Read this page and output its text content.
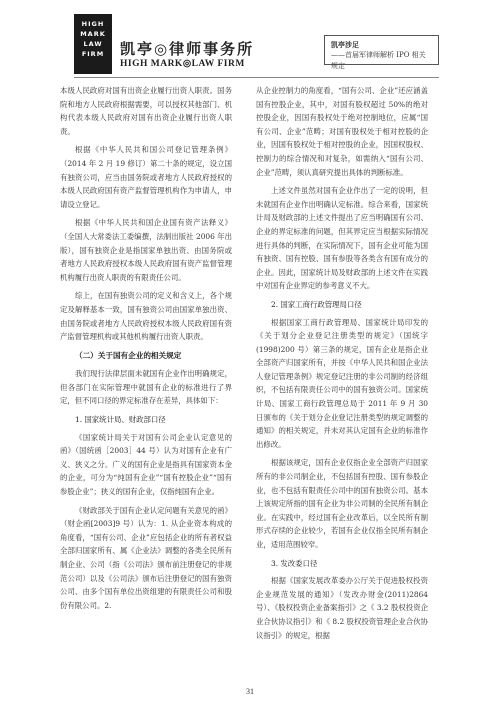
HIGH
MARK
LAW
FIRM	凯亭◎律师事务所
HIGH MARK◎LAW FIRM
凯亭涉足
——首届军律师解析 IPO 相关规定

本级人民政府对国有出资企业履行出资人职责。国务院和地方人民政府根据需要，可以授权其他部门、机构代表本级人民政府对国有出资企业履行出资人职责。

根据《中华人民共和国公司登记管理条例》（2014 年 2 月 19 修订）第二十条的规定，设立国有独资公司，应当由国务院或者地方人民政府授权的本级人民政府国有资产监督管理机构作为申请人，申请设立登记。

根据《中华人民共和国企业国有资产法释义》（全国人大常委法工委编撰，法制出版社 2006 年出版），国有独资企业是指国家单独出资、由国务院或者地方人民政府授权本级人民政府国有资产监督管理机构履行出资人职责的有限责任公司。

综上，在国有独资公司的定义和含义上，各个规定及解释基本一致，国有独资公司由国家单独出资、由国务院或者地方人民政府授权本级人民政府国有资产监督管理机构或其他机构履行出资人职责。

（二）关于国有企业的相关规定

我们现行法律层面未就国有企业作出明确规定，但各部门在实际管理中就国有企业的标准进行了界定，但不同口径的界定标准存在差异，具体如下：

1. 国家统计局、财政部口径

《国家统计局关于对国有公司企业认定意见的函》（国统函［2003］44 号）认为对国有企业有广义、狭义之分。广义的国有企业是指具有国家资本金的企业，可分为“纯国有企业”“国有控股企业”“国有参股企业”；狭义的国有企业，仅指纯国有企业。

《财政部关于国有企业认定问题有关意见的函》（财企函[2003]9 号）认为：1. 从企业资本构成的角度看，“国有公司、企业”应包括企业的所有者权益全部归国家所有、属《企业法》调整的各类全民所有制企业、公司（指《公司法》颁布前注册登记的非规范公司）以及《公司法》颁布后注册登记的国有独资公司、由多个国有单位出资组建的有限责任公司和股份有限公司。2.

从企业控制力的角度看，“国有公司、企业”还应涵盖国有控股企业，其中，对国有股权超过 50%的绝对控股企业，因国有股权处于绝对控制地位，应属“国有公司、企业”范畴；对国有股权处于相对控股的企业，因国有股权处于相对控股的企业，因国权股权、控制力的综合情况和对复杂，如需纳入“国有公司、企业”范畴，须认真研究提出具体的判断标准。

上述文件虽然对国有企业作出了一定的说明，但未就国有企业作出明确认定标准。综合来看，国家统计局及财政部的上述文件提出了应当明确国有公司、企业的界定标准的问题，但其界定应当根据实际情况进行具体的判断，在实际情况下，国有企业可能为国有独资、国有控股、国有参股等各类含有国有成分的企业。因此，国家统计局及财政部的上述文件在实践中对国有企业界定的参考意义不大。

2. 国家工商行政管理局口径

根据国家工商行政管理局、国家统计局印发的《关于划分企业登记注册类型的规定》（国统字(1998)200 号）第三条的规定，国有企业是指企业全部资产归国家所有，并按《中华人民共和国企业法人登记管理条例》规定登记注册的非公司制的经济组织，不包括有限责任公司中的国有独资公司。国家统计局、国家工商行政管理总局于 2011 年 9 月 30 日颁布的《关于划分企业登记注册类型的规定调整的通知》的相关规定，并未对其认定国有企业的标准作出修改。

根据该规定，国有企业仅指企业全部资产归国家所有的非公司制企业，不包括国有控股、国有参股企业，也不包括有限责任公司中的国有独资公司。基本上该规定所指的国有企业为非公司制的全民所有制企业。在实践中，经过国有企业改革后，以全民所有制形式存续的企业较少，若国有企业仅指全民所有制企业，适用范围较窄。

3. 发改委口径

根据《国家发展改革委办公厅关于促进股权投资企业规范发展的通知》（发改办财金(2011)2864 号）、《股权投资企业备案指引》之《 3.2 股权投资企业合伙协议指引》和《 8.2 股权投资管理企业合伙协议指引》的规定，根据

31
